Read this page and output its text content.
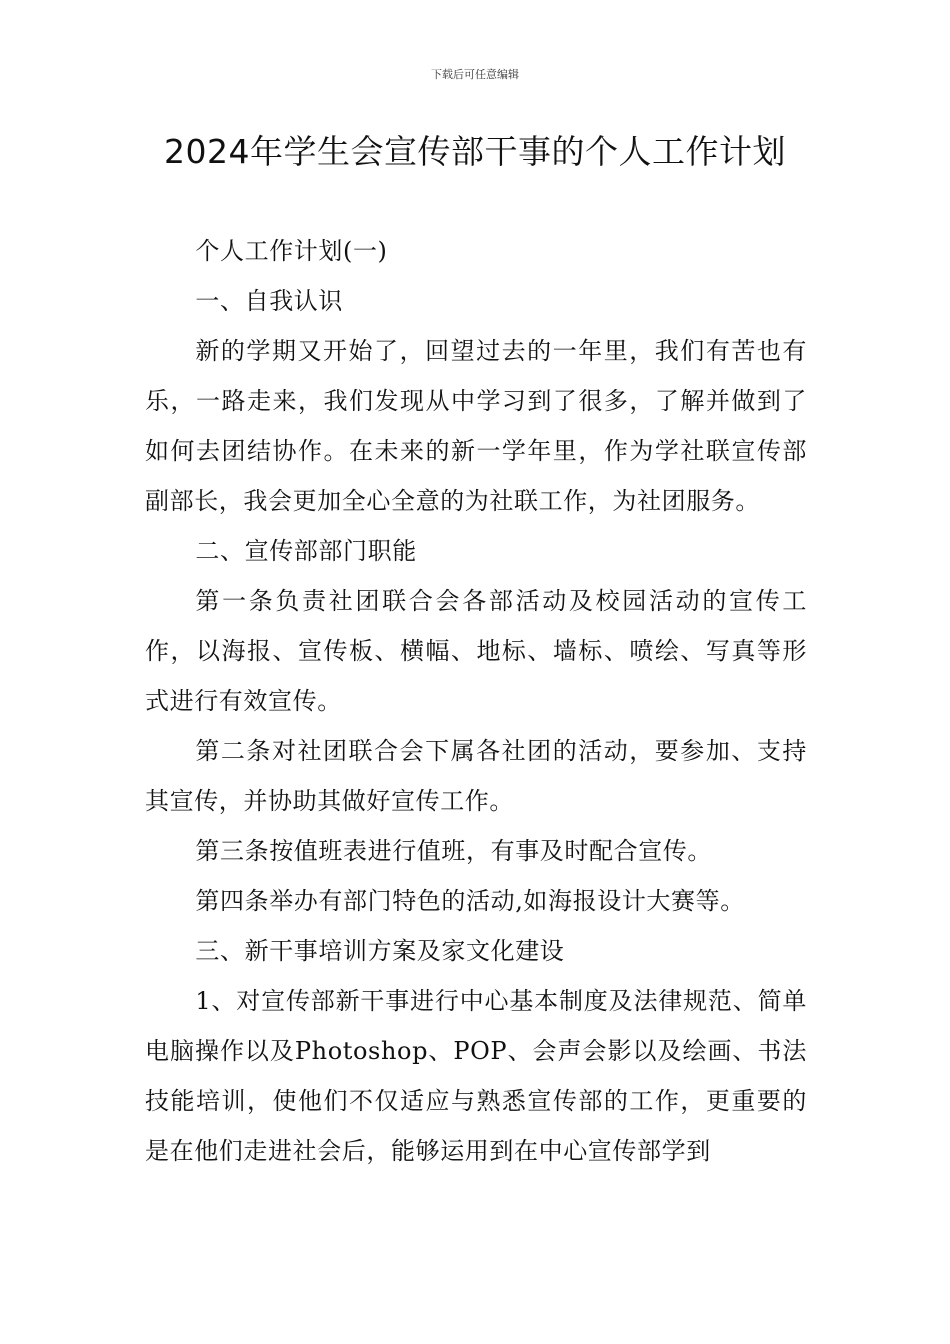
下载后可任意编辑
2024年学生会宣传部干事的个人工作计划

个人工作计划(一)

一、自我认识

新的学期又开始了，回望过去的一年里，我们有苦也有乐，一路走来，我们发现从中学习到了很多，了解并做到了如何去团结协作。在未来的新一学年里，作为学社联宣传部副部长，我会更加全心全意的为社联工作，为社团服务。

二、宣传部部门职能

第一条负责社团联合会各部活动及校园活动的宣传工作，以海报、宣传板、横幅、地标、墙标、喷绘、写真等形式进行有效宣传。

第二条对社团联合会下属各社团的活动，要参加、支持其宣传，并协助其做好宣传工作。

第三条按值班表进行值班，有事及时配合宣传。

第四条举办有部门特色的活动,如海报设计大赛等。

三、新干事培训方案及家文化建设

1、对宣传部新干事进行中心基本制度及法律规范、简单电脑操作以及Photoshop、POP、会声会影以及绘画、书法技能培训，使他们不仅适应与熟悉宣传部的工作，更重要的是在他们走进社会后，能够运用到在中心宣传部学到
